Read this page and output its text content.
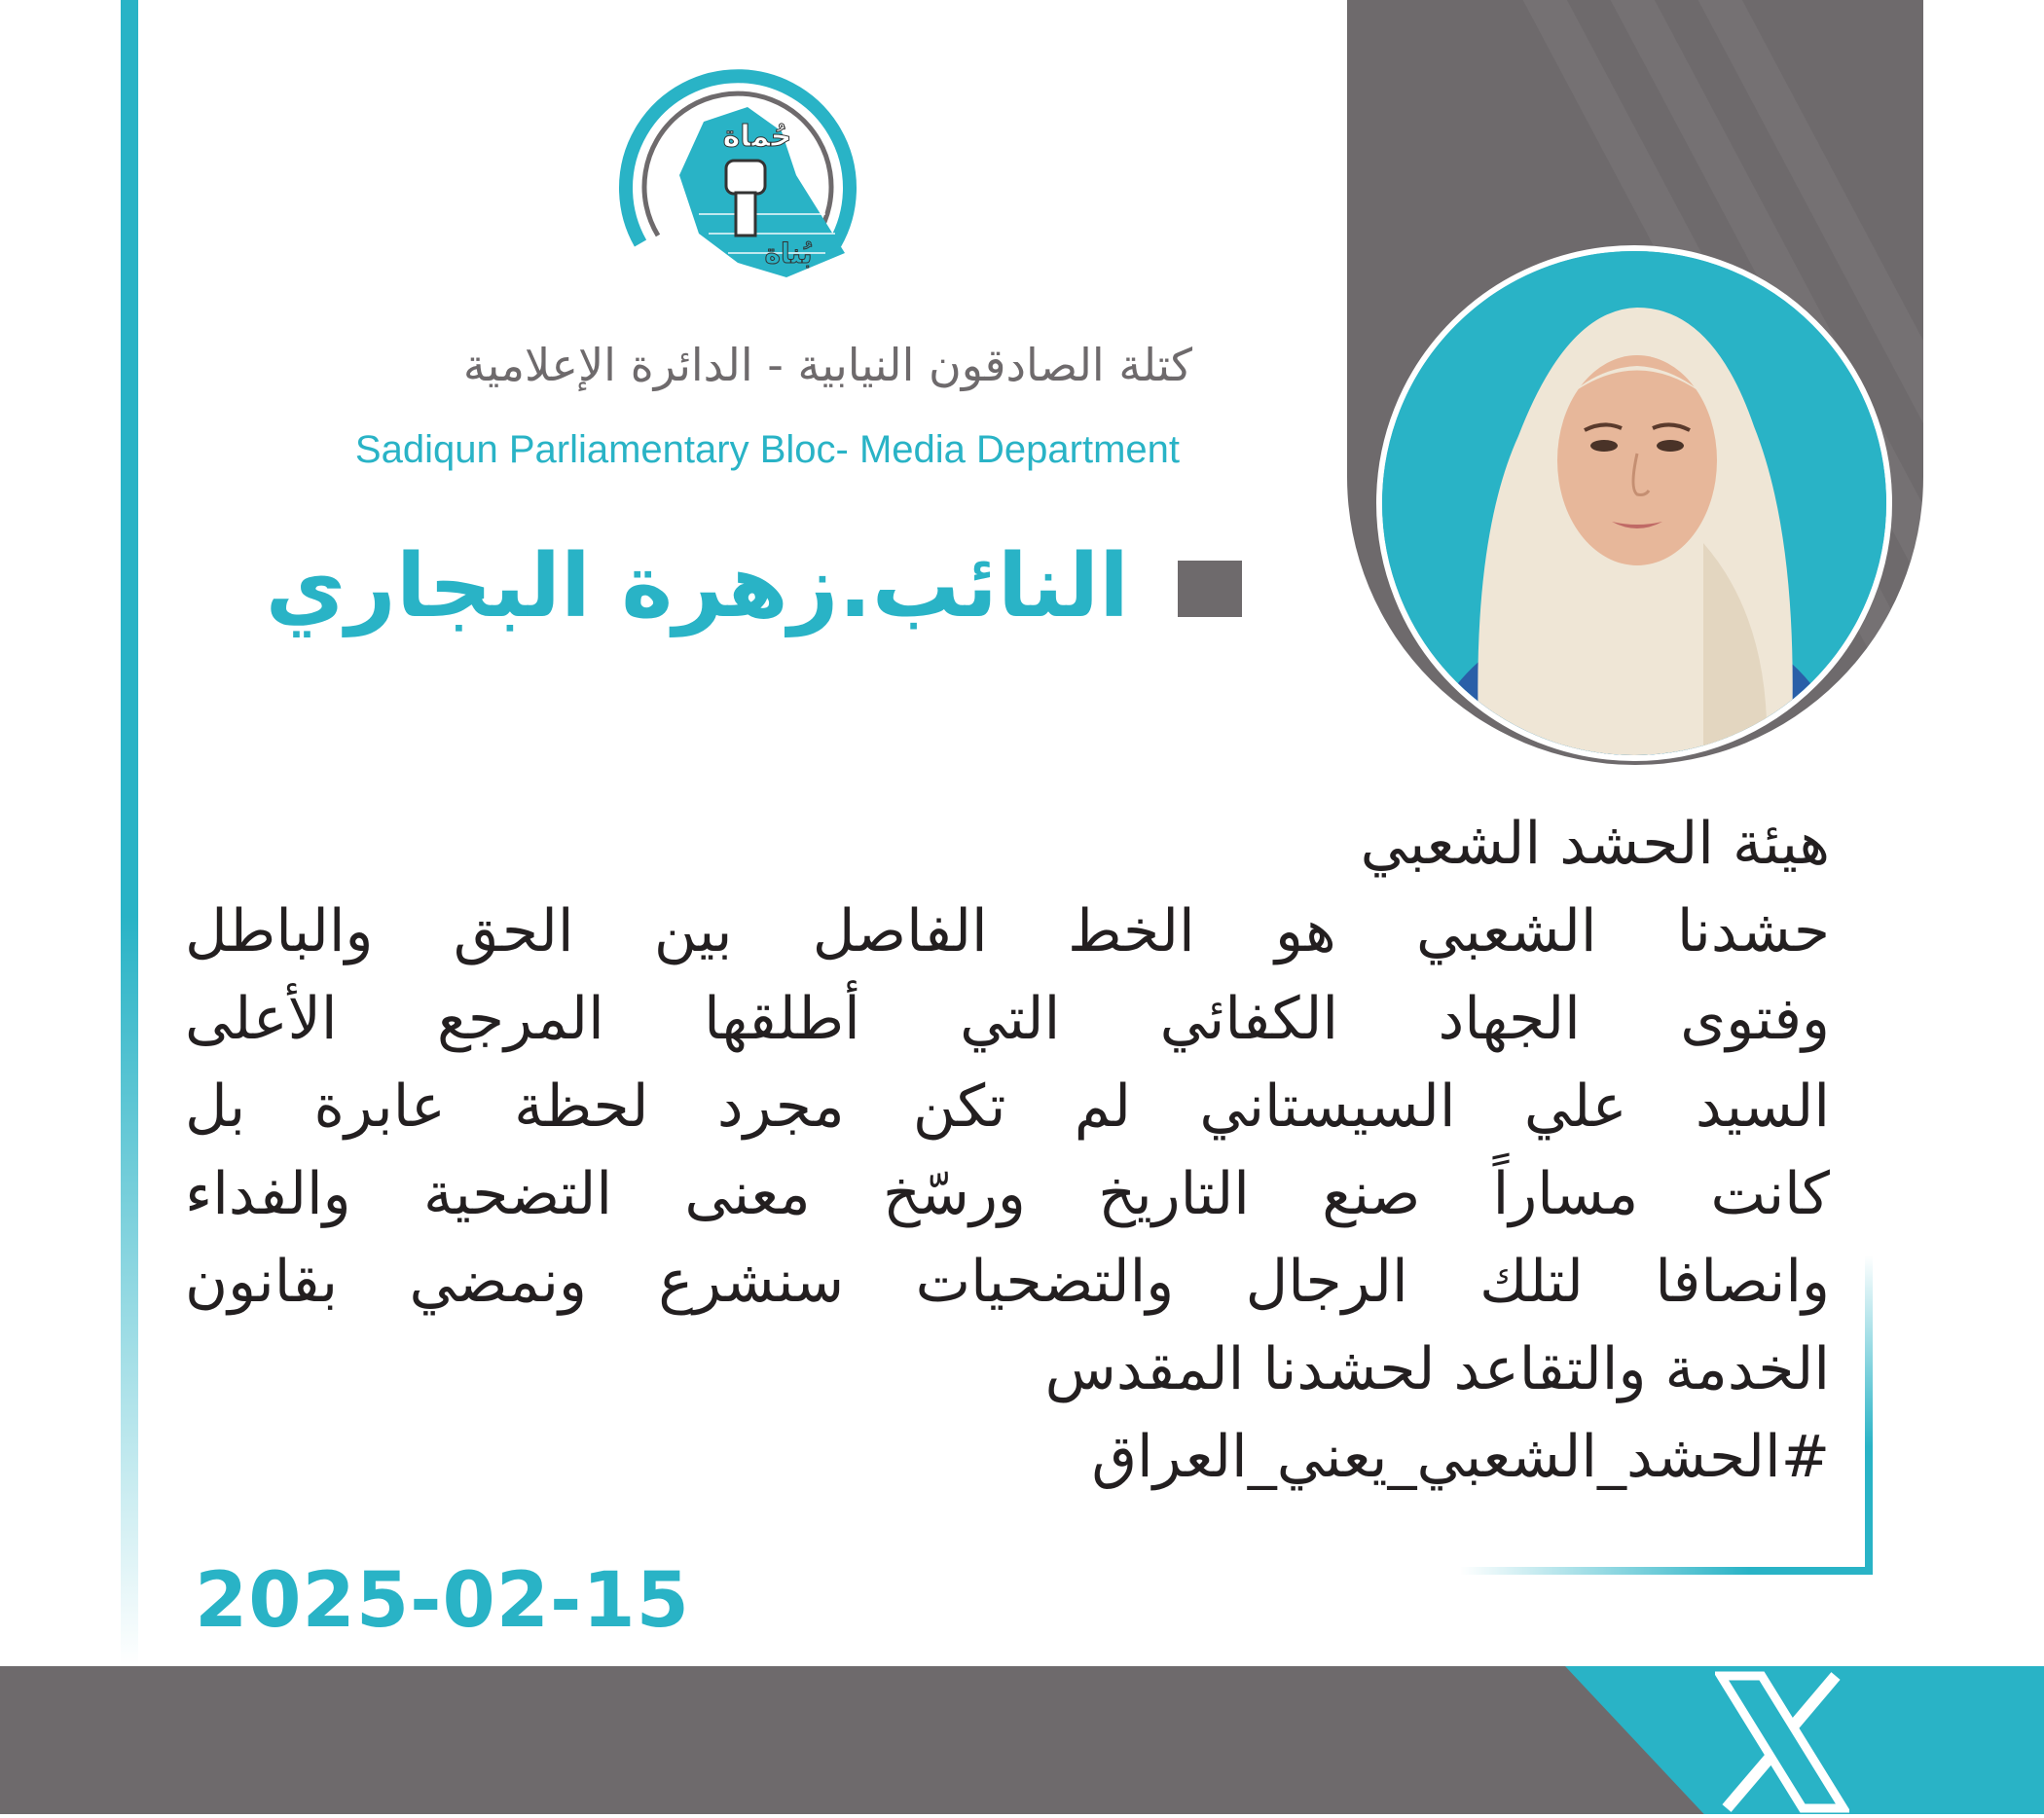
حُماة
بُناة
كتلة الصادقون النيابية - الدائرة الإعلامية
Sadiqun Parliamentary Bloc- Media Department
النائب.زهرة البجاري
هيئة الحشد الشعبي
حشدنا الشعبي هو الخط الفاصل بين الحق والباطل
وفتوى الجهاد الكفائي التي أطلقها المرجع الأعلى
السيد علي السيستاني لم تكن مجرد لحظة عابرة بل
كانت مساراً صنع التاريخ ورسّخ معنى التضحية والفداء
وانصافا لتلك الرجال والتضحيات سنشرع ونمضي بقانون
الخدمة والتقاعد لحشدنا المقدس
#الحشد_الشعبي_يعني_العراق
2025-02-15
